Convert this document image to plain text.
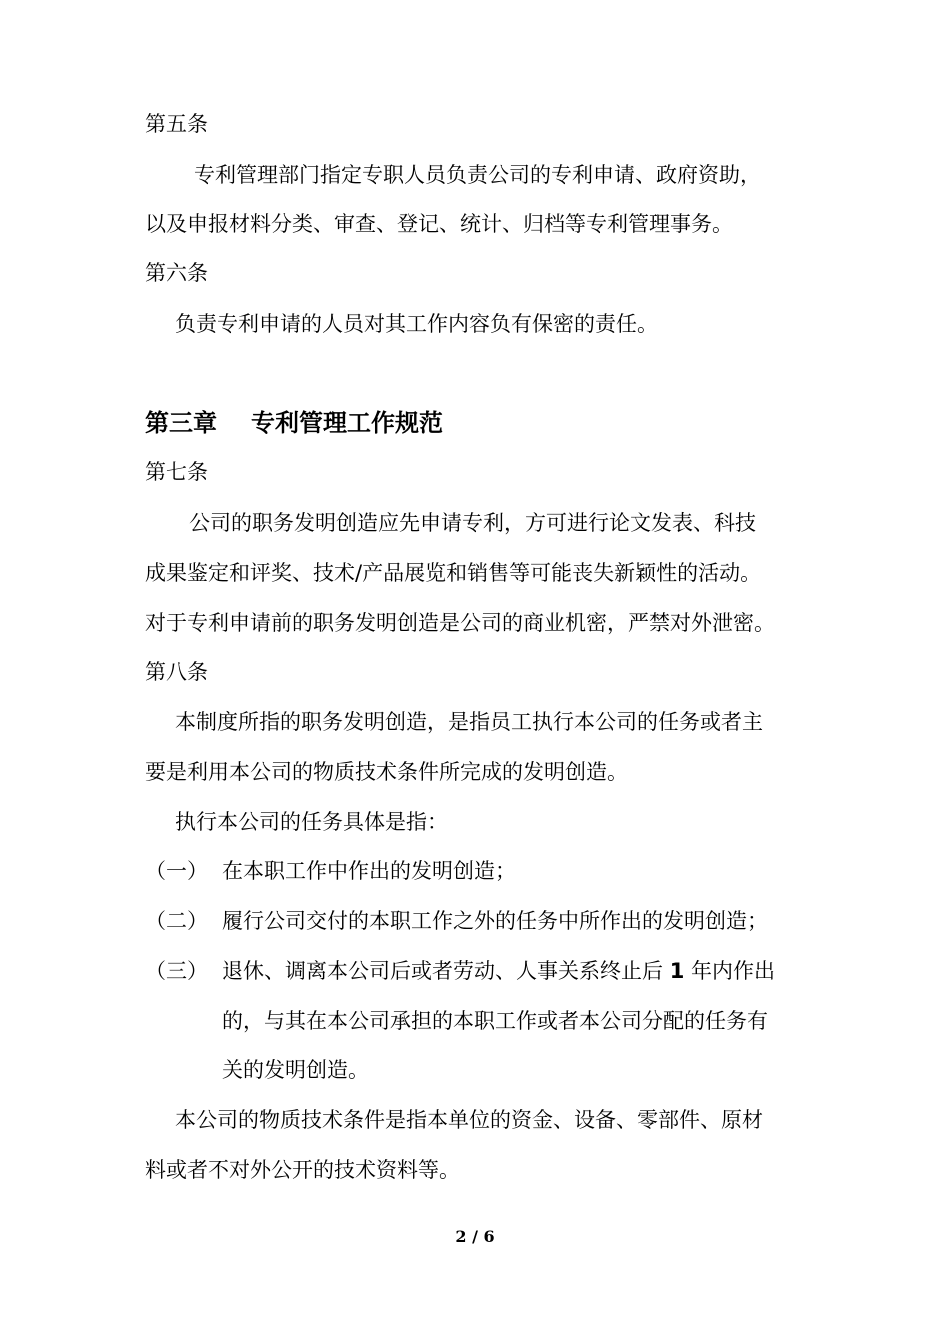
第五条
专利管理部门指定专职人员负责公司的专利申请、政府资助，
以及申报材料分类、审查、登记、统计、归档等专利管理事务。
第六条
负责专利申请的人员对其工作内容负有保密的责任。
第三章 专利管理工作规范
第七条
公司的职务发明创造应先申请专利，方可进行论文发表、科技
成果鉴定和评奖、技术/产品展览和销售等可能丧失新颖性的活动。
对于专利申请前的职务发明创造是公司的商业机密，严禁对外泄密。
第八条
本制度所指的职务发明创造，是指员工执行本公司的任务或者主
要是利用本公司的物质技术条件所完成的发明创造。
执行本公司的任务具体是指：
（一） 在本职工作中作出的发明创造；
（二） 履行公司交付的本职工作之外的任务中所作出的发明创造；
（三） 退休、调离本公司后或者劳动、人事关系终止后 1 年内作出
的，与其在本公司承担的本职工作或者本公司分配的任务有
关的发明创造。
本公司的物质技术条件是指本单位的资金、设备、零部件、原材
料或者不对外公开的技术资料等。
2 / 6
